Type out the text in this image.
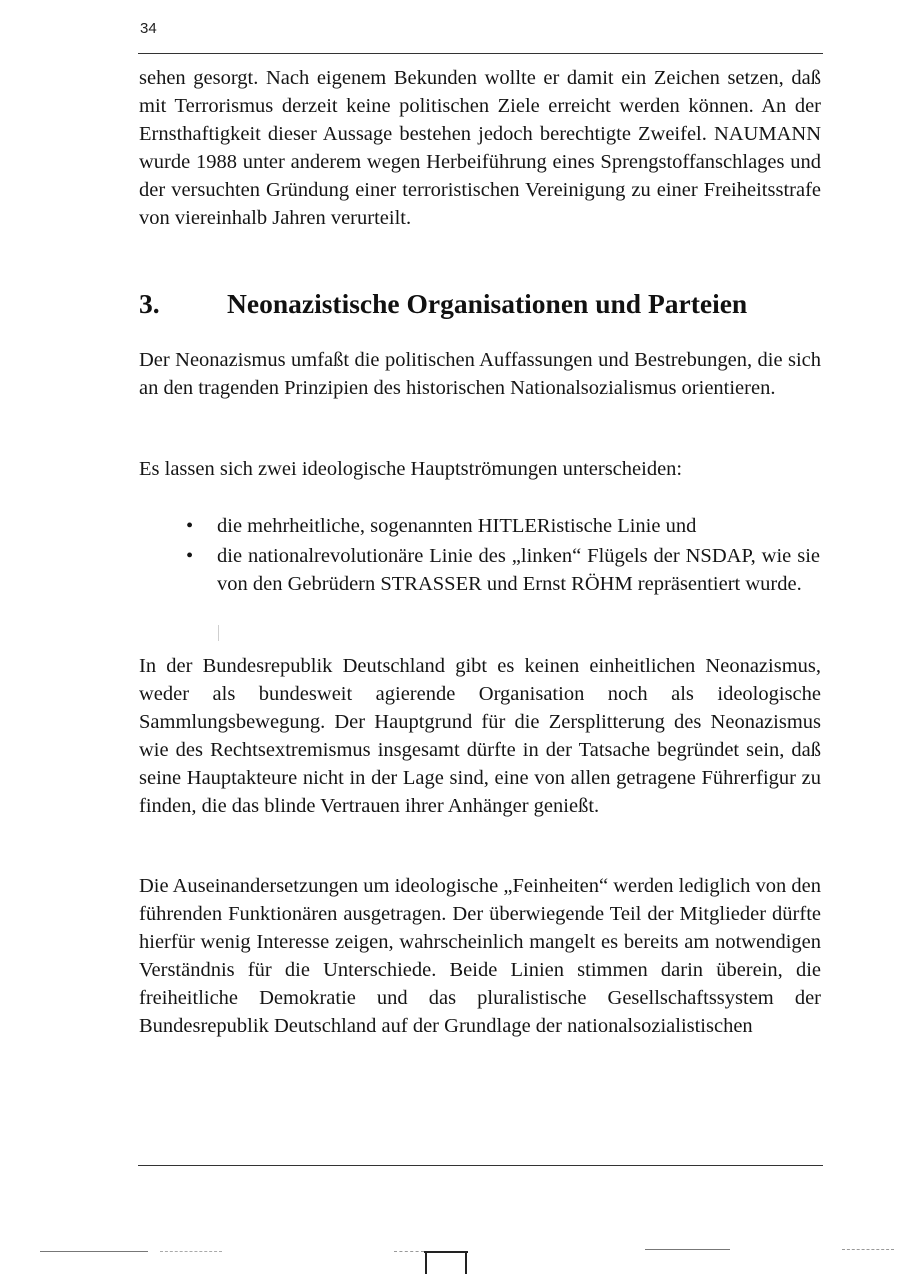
34

sehen gesorgt. Nach eigenem Bekunden wollte er damit ein Zeichen setzen, daß mit Terrorismus derzeit keine politischen Ziele erreicht werden können. An der Ernsthaftigkeit dieser Aussage bestehen jedoch berechtigte Zweifel. NAUMANN wurde 1988 unter anderem wegen Herbeiführung eines Sprengstoffanschlages und der versuchten Gründung einer terroristischen Vereinigung zu einer Freiheitsstrafe von viereinhalb Jahren verurteilt.

3. Neonazistische Organisationen und Parteien

Der Neonazismus umfaßt die politischen Auffassungen und Bestrebungen, die sich an den tragenden Prinzipien des historischen Nationalsozialismus orientieren.

Es lassen sich zwei ideologische Hauptströmungen unterscheiden:

• die mehrheitliche, sogenannten HITLERistische Linie und
• die nationalrevolutionäre Linie des „linken“ Flügels der NSDAP, wie sie von den Gebrüdern STRASSER und Ernst RÖHM repräsentiert wurde.

In der Bundesrepublik Deutschland gibt es keinen einheitlichen Neonazismus, weder als bundesweit agierende Organisation noch als ideologische Sammlungsbewegung. Der Hauptgrund für die Zersplitterung des Neonazismus wie des Rechtsextremismus insgesamt dürfte in der Tatsache begründet sein, daß seine Hauptakteure nicht in der Lage sind, eine von allen getragene Führerfigur zu finden, die das blinde Vertrauen ihrer Anhänger genießt.

Die Auseinandersetzungen um ideologische „Feinheiten“ werden lediglich von den führenden Funktionären ausgetragen. Der überwiegende Teil der Mitglieder dürfte hierfür wenig Interesse zeigen, wahrscheinlich mangelt es bereits am notwendigen Verständnis für die Unterschiede. Beide Linien stimmen darin überein, die freiheitliche Demokratie und das pluralistische Gesellschaftssystem der Bundesrepublik Deutschland auf der Grundlage der nationalsozialistischen
